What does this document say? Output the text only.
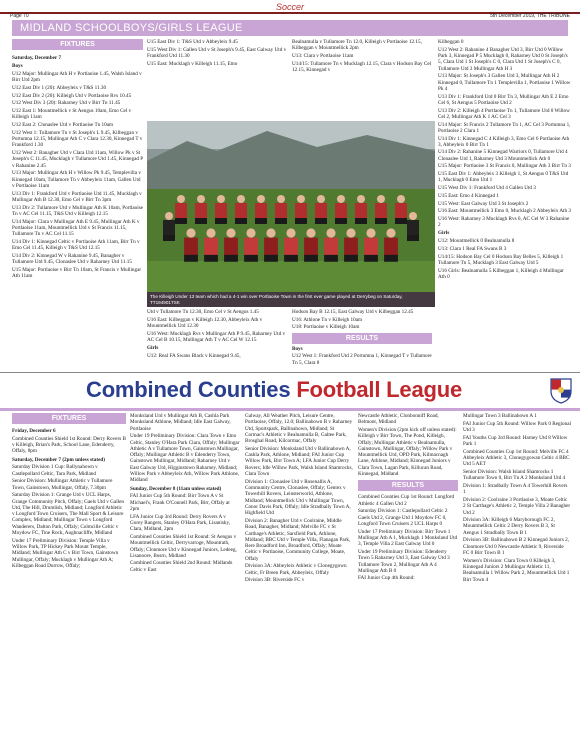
Soccer
Page 70	5th December 2019, THE TRIBUNE
MIDLAND SCHOOLBOYS/GIRLS LEAGUE
FIXTURES

Saturday, December 7

Boys

U12 Major: Mullingar Ath H v Portlaoise 1.45, Walsh Island v Birr Utd 2pm

U12 East Div 1 (20): Abbeyleix v T&S 11.30

U12 East Div 2 (20): Killeigh Utd v Portlaoise Rvs 10.45

U12 West Div 3 (20): Raharney Utd v Birr Tn 11.45

U12 East 1: Mountmellick v St Aengus 10am, Emo Cel v Killeigh 11am

U12 East 2: Clonaslee Utd v Portlaoise Tn 10am

U12 West 1: Tullamore Tn v St Joseph's L 9.45, Kilbeggan v Portumna 12.15, Mullingar Ath C v Clara 12.30, Kinnegad T v Frankford 1.30

U12 West 2: Banagher Utd v Clara Utd 11am, Willow Pk v St Joseph's C 11.45, Mucklagh v Tullamore Utd 1.45, Kinnegad P v Rahanine 2.45

U13 Major: Mullingar Ath H v Willow Pk 9.45, Templevilla v Kinnegad 10am, Tullamore Tn v Abbeyleix 11am, Gallen Utd v Portlaoise 11am

U13 Div 1: Frankford Utd v Portlaoise Utd 11.45, Mucklagh v Mullingar Ath B 12.30, Emo Cel v Birr Tn 3pm

U13 Div 2: Tullamore Utd v Mullingar Ath K 10am, Portlaoise Tn v AC Cel 11.15, T&S Utd v Killeigh 12.15

U14 Major: Clara v Mullingar Ath E 9.45, Mullingar Ath K v Portlaoise 11am, Mountmellick Utd v St Francis 11.15, Tullamore Tn v AC Cel 11.15

U14 Div 1: Kinnegad Celtic v Portlaoise Ath 11am, Birr Tn v Emo Cel 11.45, Killeigh v T&S Utd 12.15

U14 Div 2: Kinnegad W v Rahanine 9.45, Banagher v Tullamore Utd 9.45, Clonaslee Utd v Raharney Utd 11.15

U15 Major: Portlaoise v Birr Tn 10am, St Francis v Mullingar Ath 11am

U15 East Div 1: T&S Utd v Abbeyleix 9.45

U15 West Div 1: Gallen Utd v St Joseph's 9.45, East Galway Utd v Frankford Utd 11.30

U15 East: Mucklagh v Killeigh 11.15, Emo

Bealnamulla v Tullamore Tn 12.0, Killeigh v Portlaoise 12.15, Kilbeggan v Mountmellick 2pm

U13: Clara v Portlaoise 11am

U14/15: Tullamore Tn v Mucklagh 12.15, Clara v Hodson Bay Cel 12.15, Kinnegad v

The Killeigh Under 13 team which had a 4-1 win over Portlaoise Town in the first ever game played at Derrybeg on Saturday, TT194901TSK

Utd v Tullamore Tn 12.30, Emo Cel v St Aengus 1.45

U16 East: Kilbeggan v Killeigh 12.30, Abbeyleix Ath v Mountmellick Utd 12.30

U16 West: Mucklagh Rvs v Mullingar Ath P 9.45, Raharney Utd v AC Cel B 10.15, Mullingar Ath T v AC Cel W 12.15

Girls

U12: Real FA Swans Black v Kinnegad 9.45,

Hodson Bay B 12.15, East Galway Utd v Kilbeggan 12.45

U16: Athlone Tn v Killeigh 10am

U18: Portlaoise v Killeigh 10am

RESULTS

Boys

U12 West 1: Frankford Utd 2 Portumna 1, Kinnegad T v Tullamore Tn 5, Clara 8

Kilbeggan 0

U12 West 2: Rahanine 4 Banagher Utd 3, Birr Utd 0 Willow Park 3, Kinnegad P 5 Mucklagh 0, Raharney Utd 0 St Joseph's 5, Clara Utd 1 St Joseph's C 0, Clara Utd 1 St Joseph's C 0, Tullamore Utd 3 Mullingar Ath H 3

U13 Major: St Joseph's 3 Gallen Utd 3, Mullingar Ath H 2 Kinnegad 0, Tullamore Tn 1 Templevilla 1, Portlaoise 1 Willow Pk 4

U13 Div 1: Frankford Utd 0 Birr Tn 3, Mullingar Ath E 2 Emo Cel 6, St Aengus 5 Portlaoise Utd 2

U13 Div 2: Killeigh 4 Portlaoise Tn 1, Tullamore Utd 0 Willow Cel 2, Mullingar Ath K 1 AC Cel 3

U14 Major: St Francis 2 Tullamore Tn 1, AC Cel 3 Portumna 1, Portlaoise 2 Clara 1

U14 Div 1: Kinnegad C 4 Killeigh 3, Emo Cel 6 Portlaoise Ath 3, Abbeyleix 0 Birr Tn 1

U14 Div 2: Rahanine 5 Kinnegad Warriors 0, Tullamore Utd 4 Clonaslee Utd 1, Raharney Utd 3 Mountmellick Ath 0

U15 Major: Portlaoise 3 St Francis 0, Mullingar Ath 3 Birr Tn 3

U15 East Div 1: Abbeyleix 3 Killeigh 1, St Aengus 0 T&S Utd 1, Mucklagh 0 Emo Utd 1

U15 West Div 1: Frankford Utd 4 Gallen Utd 3

U15 East: Emo 4 Kinnegad 1

U15 West: East Galway Utd 3 St Joseph's 2

U16 East: Mountmellick 3 Emo 0, Mucklagh 2 Abbeyleix Ath 3

U16 West: Raharney 3 Mucklagh Rvs 0, AC Cel W 3 Rahanine 2

Girls

U12: Mountmellick 0 Bealnamulla 8

U13: Clara 1 Real FA Swans B 3

U14/15: Hodson Bay Cel 0 Hodson Bay Belles 5, Killeigh 1 Tullamore Tn 5, Mucklagh 3 East Galway Utd 5

U16 Girls: Bealnamulla 5 Kilbeggan 1, Killeigh 4 Mullingar Ath 0

Combined Counties Football League
FIXTURES

Friday, December 6

Combined Counties Shield 1st Round: Derry Rovers B v Killeigh, Brian's Park, School Lane, Edenderry, Offaly, 8pm

Saturday, December 7 (2pm unless stated)

Saturday Division 1 Cup: Ballynahown v Castlepollard Celtic, Tara Park, Midland

Senior Division: Mullingar Athletic v Tullamore Town, Gainstown, Mullingar, Offaly, 7.30pm

Saturday Division 1: Grange Utd v UCL Harps, Grange Community Pitch, Offaly; Gaels Utd v Gallen Utd, The Hill, Drumlish, Midland; Longford Athletic v Longford Town Cruisers, The Mall Sport & Leisure Complex, Midland; Mullingar Town v Longford Wanderers, Dalton Park, Offaly; Colmcille Celtic v Moydow FC, Tine Rock, Aughnacliffe, Midland

Under 17 Preliminary Division: Temple Villa v Willow Park, TP Hickey Park Mount Temple, Midland; Mullingar Ath C v Birr Town, Gainstown Mullingar, Offaly; Mucklagh v Mullingar Ath A; Kilbeggan Road Durrow, Offaly;

Monksland Utd v Mullingar Ath B, Cashla Park Monksland Athlone, Midland; Idle East Galway, Portlaoise

Under 19 Preliminary Division: Clara Town v Emo Celtic, Stanley O'Hara Park Clara, Offaly; Mullingar Athletic A v Tullamore Town, Gainstown Mullingar, Offaly; Mullingar Athletic B v Edenderry Town, Gainstown Mullingar, Midland; Raharney Utd v East Galway Utd, Higginstown Raharney, Midland; Willow Park v Abbeyleix Ath, Willow Park Athlone, Midland

Sunday, December 8 (11am unless stated)

FAI Junior Cup 5th Round: Birr Town A v St Michael's, Frank O'Connell Park, Birr, Offaly at 2pm

LFA Junior Cup 3rd Round: Derry Rovers A v Gorey Rangers, Stanley O'Hara Park, Lisanisky, Clara, Midland, 2pm

Combined Counties Shield 1st Round: St Aengus v Mountmellick Celtic, Derryvarroge, Mountrath, Offaly; Clonmore Utd v Kinnegad Juniors, Ledeeg, Lisanoore, Bosrn, Midland

Combined Counties Shield 2nd Round: Midlands Celtic v East

Galway, All Weather Pitch, Leisure Centre, Portlaoise, Offaly, 12.0; Ballinahown B v Raharney Utd, Sportspark, Ballinahown, Midland; St Cormac's Athletic v Bealnamulla B, Galtee Park, Brosghal Road, Kilcormac, Offaly

Senior Division: Monksland Utd v Ballinahown A, Cashla Park, Athlone, Midland; FAI Junior Cup Willow Park, Birr Town A; LFA Junior Cup Derry Rovers; Idle Willow Park, Walsh Island Shamrocks, Clara Town

Division 1: Clonaslee Utd v Rosenallis A, Community Centre, Clonaslee, Offaly; Gentex v Towerhill Rovers, Leinsterworld, Athlone, Midland; Mountmellick Utd v Mullingar Town, Conor Davis Park, Offaly; Idle Stradbally Town A, Highfield Utd

Division 2: Banagher Utd v Coolraine, Middle Road, Banagher, Midland; Melville FC v St Carthage's Athletic, Sarsfield Park, Athlone, Midland; BBC Utd v Temple Villa, Flanagan Park, Rere Broadford Inn, Broadford, Offaly; Moate Celtic v Portlaoise, Community College, Moate, Offaly

Division 3A: Abbeyleix Athletic v Clonegygown Celtic, Fr Breen Park, Abbeyleix, Offaly

Division 3B: Riverside FC v

Newcastle Athletic, Clonbonniff Road, Belmont, Midland

Women's Division (2pm kick off unless stated): Killeigh v Birr Town, The Pond, Killeigh, Offaly; Mullingar Athletic v Bealnamulla, Gainstown, Mullingar, Offaly; Willow Park v Mountmellick Utd, OPD Park, Kilmacnagh Lane, Athlone, Midland; Kinnegad Juniors v Clara Town, Lagan Park, Killucan Road, Kinnegad, Midland

RESULTS

Combined Counties Cup 1st Round: Longford Athletic 4 Gallen Utd 2

Saturday Division 1: Castlepollard Celtic 2 Gaels Utd 2, Grange Utd 1 Moydow FC 0, Longford Town Cruisers 2 UCL Harps 0

Under 17 Preliminary Division: Birr Town 1 Mullingar Ath A 1, Mucklagh 1 Monksland Utd 3, Temple Villa 2 East Galway Utd 0

Under 19 Preliminary Division: Edenderry Town 5 Raharney Utd 3, East Galway Utd 3 Tullamore Town 2, Mullingar Ath A 4 Mullingar Ath B 0

FAI Junior Cup 4th Round:

Mullingar Town 3 Ballinahown A 1

FAI Junior Cup 5th Round: Willow Park 0 Regional Utd 3

FAI Youths Cup 3rd Round: Harney Utd 8 Willow Park 1

Combined Counties Cup 1st Round: Melville FC 4 Abbeyleix Athletic 3, Clonegygowan Celtic 4 BBC Utd 5 AET

Senior Division: Walsh Island Shamrocks 1 Tullamore Town 0, Birr Tn A 2 Monksland Utd 4

Division 1: Stradbally Town A 4 Towerhill Rovers 1

Division 2: Coolraine 3 Portlaoise 3, Moate Celtic 2 St Carthage's Athletic 2, Temple Villa 2 Banagher Utd 2

Division 3A: Killeigh 6 Maryborough FC 2, Mountmellick Celtic 2 Derry Rovers B 3, St Aengus 1 Stradbally Town B 1

Division 3B: Ballinahown B 2 Kinnegad Juniors 2, Clonmore Utd 0 Newcastle Athletic 9, Riverside FC 0 Birr Town B 1

Women's Division: Clara Town 0 Killeigh 3, Kinnegad Juniors 2 Mullingar Athletic 11, Bealnamulla 1 Willow Park 2, Mountmellick Utd 1 Birr Town 4
